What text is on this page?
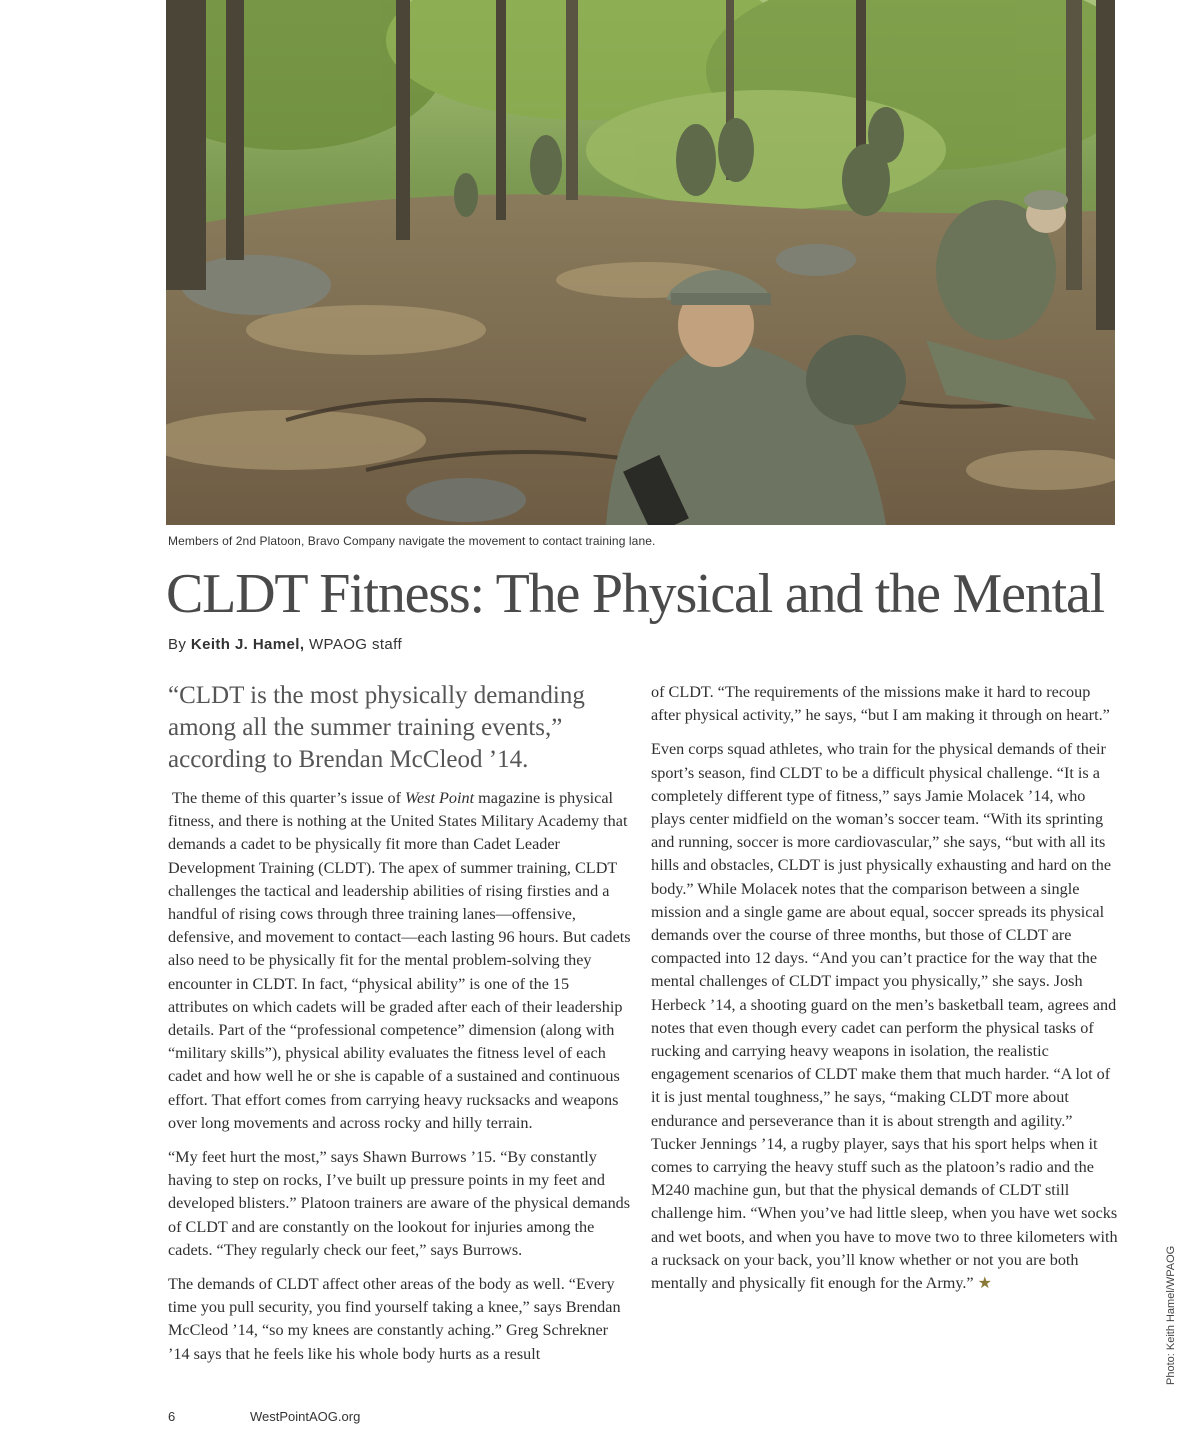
Members of 2nd Platoon, Bravo Company navigate the movement to contact training lane.
CLDT Fitness: The Physical and the Mental
By Keith J. Hamel, WPAOG staff

“CLDT is the most physically demanding among all the summer training events,” according to Brendan McCleod ’14.

The theme of this quarter’s issue of West Point magazine is physical fitness, and there is nothing at the United States Military Academy that demands a cadet to be physically fit more than Cadet Leader Development Training (CLDT). The apex of summer training, CLDT challenges the tactical and leadership abilities of rising firsties and a handful of rising cows through three training lanes—offensive, defensive, and movement to contact—each lasting 96 hours. But cadets also need to be physically fit for the mental problem-solving they encounter in CLDT. In fact, “physical ability” is one of the 15 attributes on which cadets will be graded after each of their leadership details. Part of the “professional competence” dimension (along with “military skills”), physical ability evaluates the fitness level of each cadet and how well he or she is capable of a sustained and continuous effort. That effort comes from carrying heavy rucksacks and weapons over long movements and across rocky and hilly terrain.

“My feet hurt the most,” says Shawn Burrows ’15. “By constantly having to step on rocks, I’ve built up pressure points in my feet and developed blisters.” Platoon trainers are aware of the physical demands of CLDT and are constantly on the lookout for injuries among the cadets. “They regularly check our feet,” says Burrows.

The demands of CLDT affect other areas of the body as well. “Every time you pull security, you find yourself taking a knee,” says Brendan McCleod ’14, “so my knees are constantly aching.” Greg Schrekner ’14 says that he feels like his whole body hurts as a result

of CLDT. “The requirements of the missions make it hard to recoup after physical activity,” he says, “but I am making it through on heart.”

Even corps squad athletes, who train for the physical demands of their sport’s season, find CLDT to be a difficult physical challenge. “It is a completely different type of fitness,” says Jamie Molacek ’14, who plays center midfield on the woman’s soccer team. “With its sprinting and running, soccer is more cardiovascular,” she says, “but with all its hills and obstacles, CLDT is just physically exhausting and hard on the body.” While Molacek notes that the comparison between a single mission and a single game are about equal, soccer spreads its physical demands over the course of three months, but those of CLDT are compacted into 12 days. “And you can’t practice for the way that the mental challenges of CLDT impact you physically,” she says. Josh Herbeck ’14, a shooting guard on the men’s basketball team, agrees and notes that even though every cadet can perform the physical tasks of rucking and carrying heavy weapons in isolation, the realistic engagement scenarios of CLDT make them that much harder. “A lot of it is just mental toughness,” he says, “making CLDT more about endurance and perseverance than it is about strength and agility.” Tucker Jennings ’14, a rugby player, says that his sport helps when it comes to carrying the heavy stuff such as the platoon’s radio and the M240 machine gun, but that the physical demands of CLDT still challenge him. “When you’ve had little sleep, when you have wet socks and wet boots, and when you have to move two to three kilometers with a rucksack on your back, you’ll know whether or not you are both mentally and physically fit enough for the Army.” ★

6	WestPointAOG.org
Photo: Keith Hamel/WPAOG
